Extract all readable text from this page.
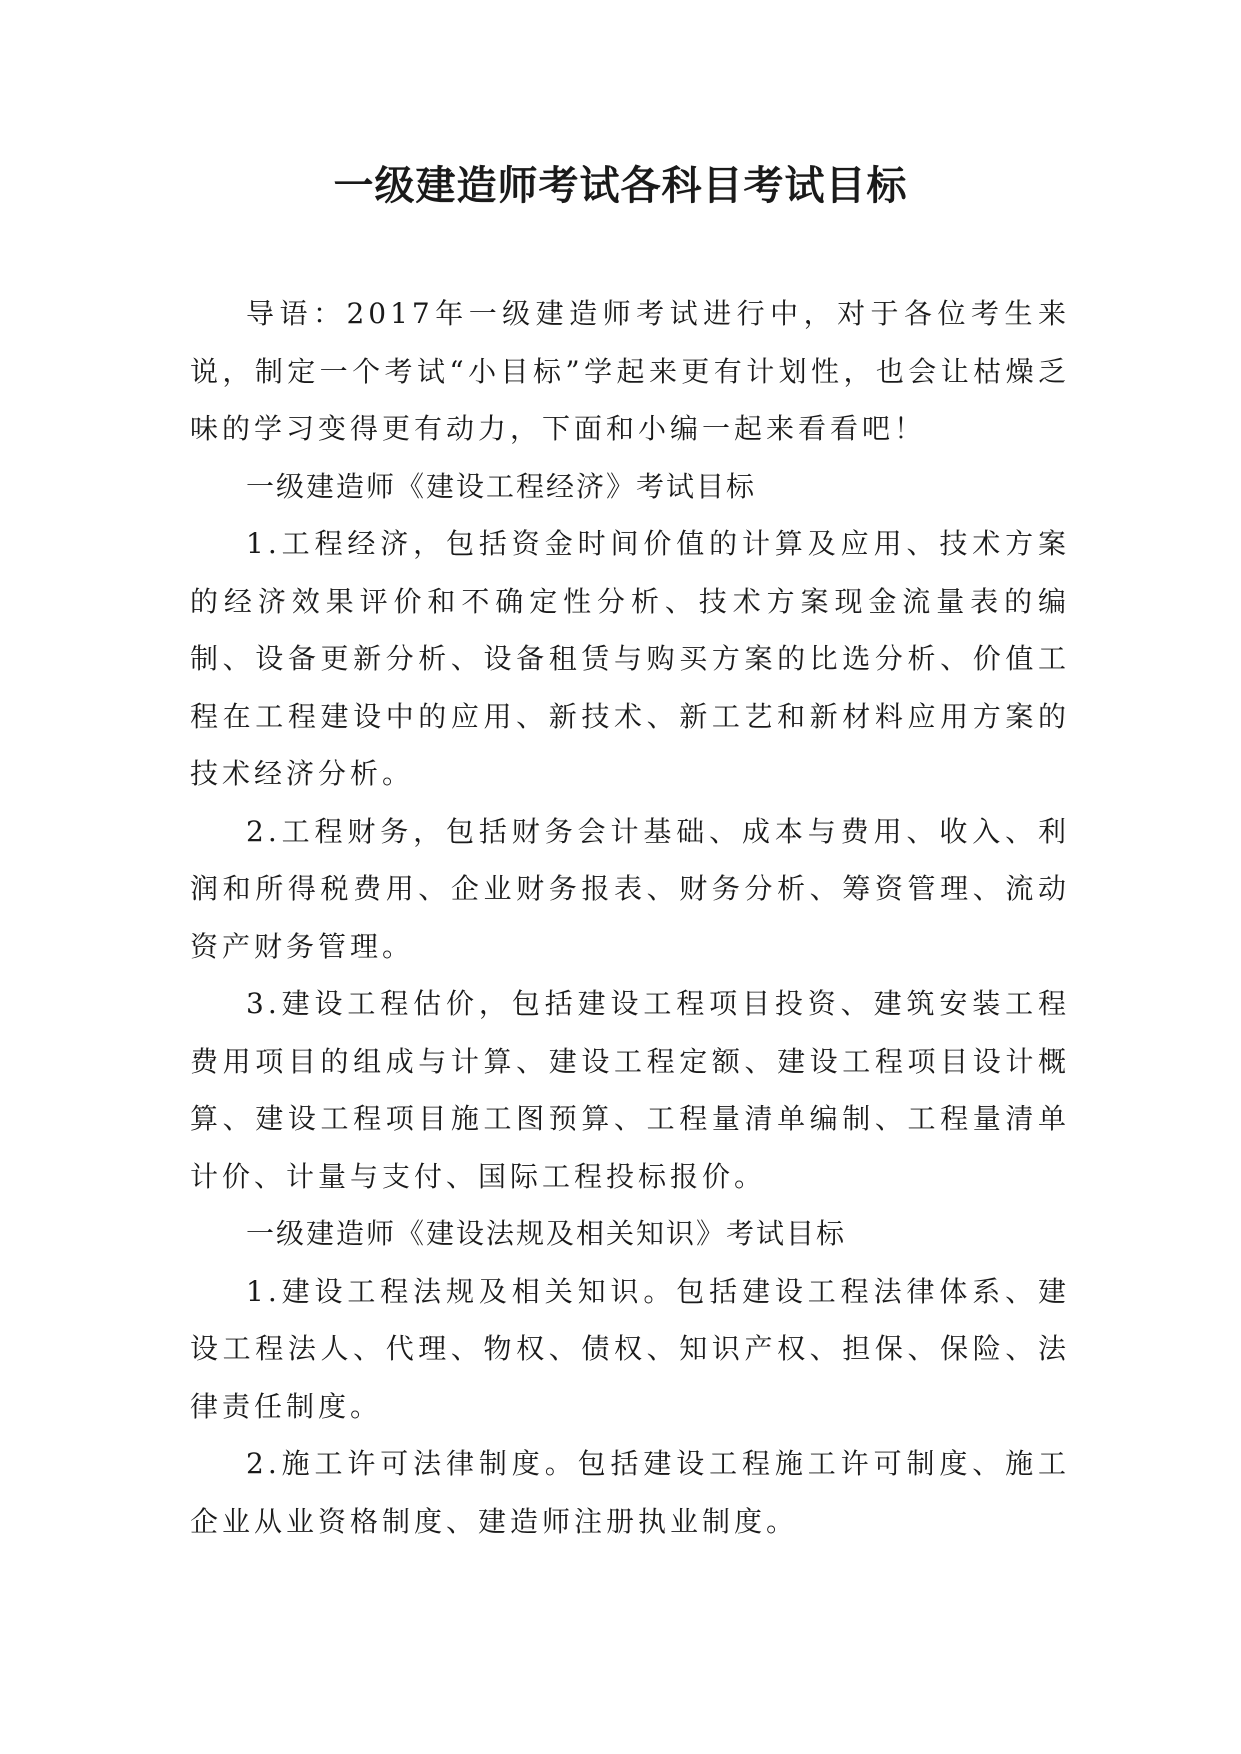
一级建造师考试各科目考试目标

导语：2017年一级建造师考试进行中，对于各位考生来说，制定一个考试“小目标”学起来更有计划性，也会让枯燥乏味的学习变得更有动力，下面和小编一起来看看吧！

一级建造师《建设工程经济》考试目标

1.工程经济，包括资金时间价值的计算及应用、技术方案的经济效果评价和不确定性分析、技术方案现金流量表的编制、设备更新分析、设备租赁与购买方案的比选分析、价值工程在工程建设中的应用、新技术、新工艺和新材料应用方案的技术经济分析。

2.工程财务，包括财务会计基础、成本与费用、收入、利润和所得税费用、企业财务报表、财务分析、筹资管理、流动资产财务管理。

3.建设工程估价，包括建设工程项目投资、建筑安装工程费用项目的组成与计算、建设工程定额、建设工程项目设计概算、建设工程项目施工图预算、工程量清单编制、工程量清单计价、计量与支付、国际工程投标报价。

一级建造师《建设法规及相关知识》考试目标

1.建设工程法规及相关知识。包括建设工程法律体系、建设工程法人、代理、物权、债权、知识产权、担保、保险、法律责任制度。

2.施工许可法律制度。包括建设工程施工许可制度、施工企业从业资格制度、建造师注册执业制度。
